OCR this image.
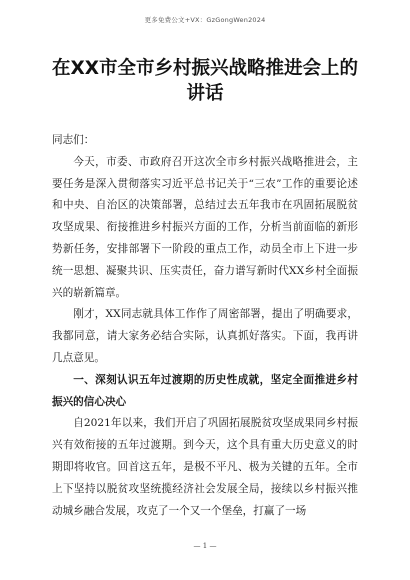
更多免费公文+VX：GzGongWen2024
在XX市全市乡村振兴战略推进会上的讲话

同志们：

今天，市委、市政府召开这次全市乡村振兴战略推进会，主要任务是深入贯彻落实习近平总书记关于“三农”工作的重要论述和中央、自治区的决策部署，总结过去五年我市在巩固拓展脱贫攻坚成果、衔接推进乡村振兴方面的工作，分析当前面临的新形势新任务，安排部署下一阶段的重点工作，动员全市上下进一步统一思想、凝聚共识、压实责任，奋力谱写新时代XX乡村全面振兴的崭新篇章。

刚才，XX同志就具体工作作了周密部署，提出了明确要求，我都同意，请大家务必结合实际，认真抓好落实。下面，我再讲几点意见。

一、深刻认识五年过渡期的历史性成就，坚定全面推进乡村振兴的信心决心

自2021年以来，我们开启了巩固拓展脱贫攻坚成果同乡村振兴有效衔接的五年过渡期。到今天，这个具有重大历史意义的时期即将收官。回首这五年，是极不平凡、极为关键的五年。全市上下坚持以脱贫攻坚统揽经济社会发展全局，接续以乡村振兴推动城乡融合发展，攻克了一个又一个堡垒，打赢了一场

— 1 —
